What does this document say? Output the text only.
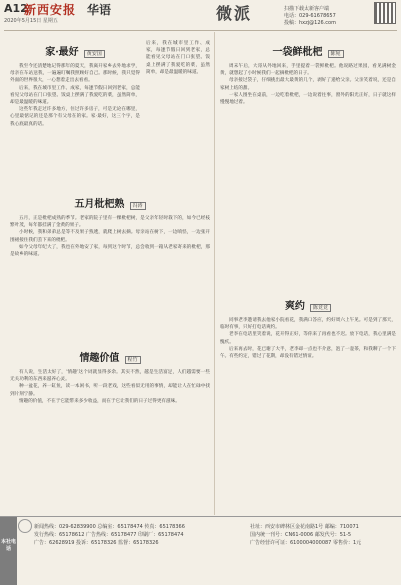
A12
新西安报 华语
2020年5月15日 星期五	微派	扫描下载太新客户端
电话：029-61678657
投稿：hxzj@126.com
家·最好 黄安国

我至今还清楚地记得那年的夏天，我离开家乡去外地求学，母亲在车站送我，一遍遍叮嘱我照顾好自己。那时候，我只觉得外面的世界很大，一心想着走出去看看。

后来，我在城市里工作、成家，每逢节假日回到老家，总能看见父母站在门口张望。饭桌上摆满了我爱吃的菜，虽然简单，却是最温暖的味道。

这些年我走过许多地方，住过许多房子，可是无论在哪里，心里最惦记的还是那个有父母在的家。家·最好，这三个字，是我心底最真的话。

后来，我在城市里工作、成家，每逢节假日回到老家，总能看见父母站在门口张望。饭桌上摆满了我爱吃的菜，虽然简单，却是最温暖的味道。

五月枇杷熟 冯涛

五月，正是枇杷成熟的季节。老家的院子里有一棵枇杷树，是父亲年轻时栽下的，如今已经枝繁叶茂，每年都挂满了金黄的果子。

小时候，我和弟弟总是等不及果子熟透，就爬上树去摘。母亲站在树下，一边嗔怪，一边张开围裙接住我们丢下来的枇杷。

如今父母年纪大了，我也在外地安了家，每到这个时节，总会收到一箱从老家寄来的枇杷，那是故乡的味道。

情趣价值 程竹

有人说，生活太好了，‘情趣’这个词就显得多余。其实不然，越是生活富足，人们越需要一些无关功利的东西来滋养心灵。

种一盆花，养一缸鱼，读一本闲书，听一段老戏，这些看似无用的事情，却能让人在忙碌中找到片刻宁静。

情趣的价值，不在于它能带来多少收益，而在于它让我们的日子过得更有滋味。

一袋鲜枇杷 陈宛

周末午后，大哥从外地回来，手里提着一袋鲜枇杷。他说路过果园，看见满树金黄，就想起了小时候我们一起摘枇杷的日子。

母亲接过袋子，仔细挑出最大最黄的几个，剥好了递给父亲。父亲笑着说，还是自家树上结的甜。

一家人围坐在桌前，一边吃着枇杷，一边说着往事，窗外的阳光正好，日子就这样慢慢地过着。

爽约 陈竞竞

同事老李邀请我去他家小院看花，我满口答应，约好周六上午见。可是到了那天，临时有事，只好打电话爽约。

老李在电话里笑着说，花开得正好，等你来了再看也不迟。放下电话，我心里满是愧疚。

后来再去时，花已谢了大半，老李却一点也不介意，泡了一壶茶，和我聊了一个下午。有些约定，错过了花期，却没有错过情谊。

本社电话
新闻热线：029-62839900 总编室：65178474 传真：65178366
发行热线：65178612 广告热线：65178477 印刷厂：65178474
广告：62628919 投诉：65178326 监督：65178326
社址：西安市碑林区金花南路1号 邮编：710071
国内统一刊号：CN61-0006 邮发代号：51-5
广告经营许可证：6100004000087 零售价：1元
